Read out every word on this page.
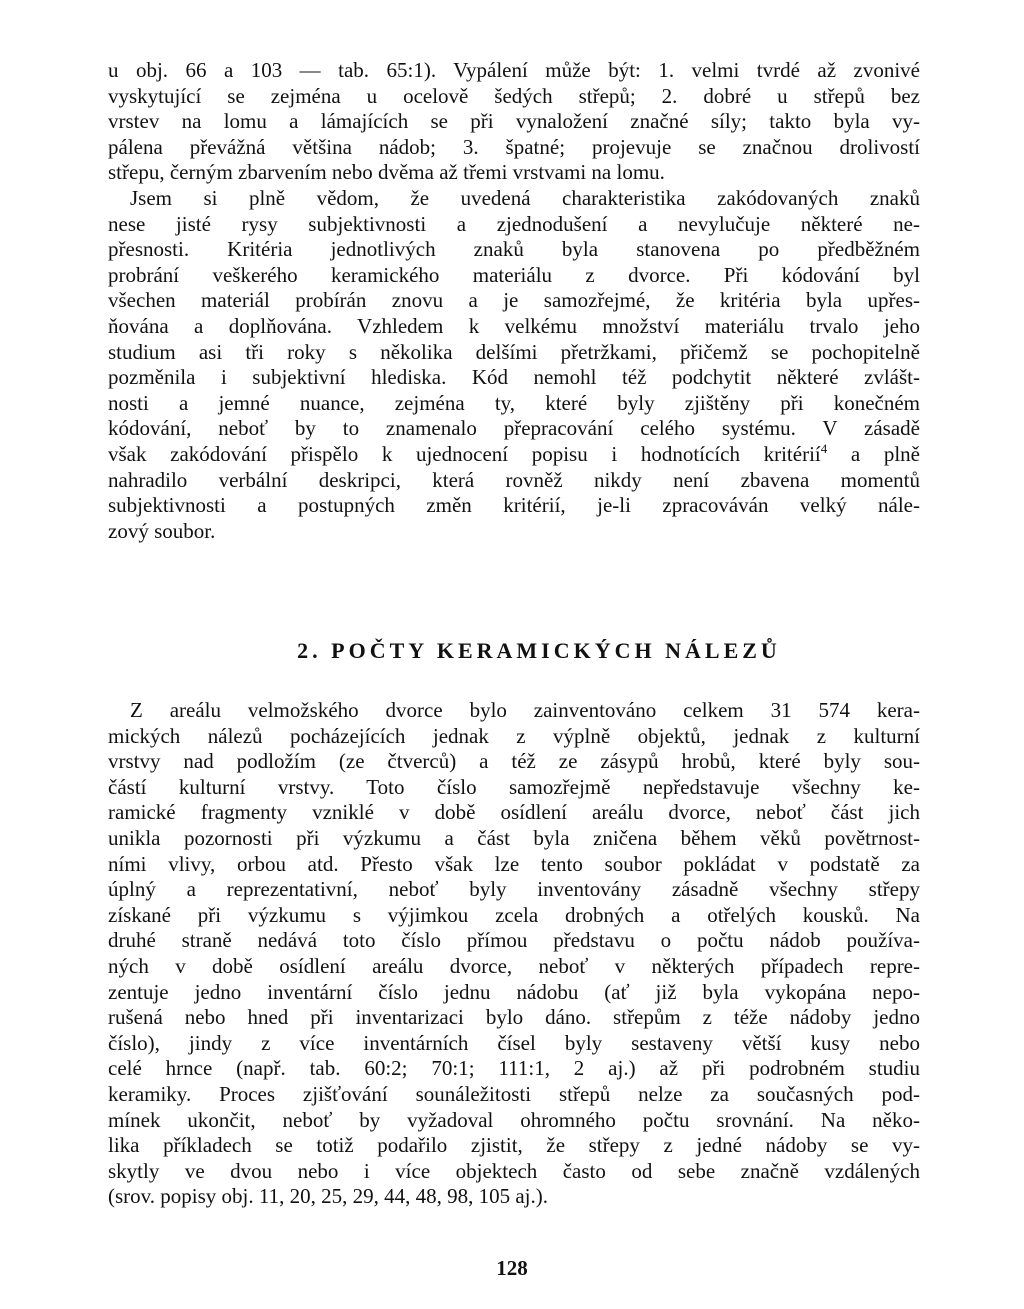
u obj. 66 a 103 — tab. 65:1). Vypálení může být: 1. velmi tvrdé až zvonivé
vyskytující se zejména u ocelově šedých střepů; 2. dobré u střepů bez
vrstev na lomu a lámajících se při vynaložení značné síly; takto byla vy-
pálena převážná většina nádob; 3. špatné; projevuje se značnou drolivostí
střepu, černým zbarvením nebo dvěma až třemi vrstvami na lomu.
Jsem si plně vědom, že uvedená charakteristika zakódovaných znaků
nese jisté rysy subjektivnosti a zjednodušení a nevylučuje některé ne-
přesnosti. Kritéria jednotlivých znaků byla stanovena po předběžném
probrání veškerého keramického materiálu z dvorce. Při kódování byl
všechen materiál probírán znovu a je samozřejmé, že kritéria byla upřes-
ňována a doplňována. Vzhledem k velkému množství materiálu trvalo jeho
studium asi tři roky s několika delšími přetržkami, přičemž se pochopitelně
pozměnila i subjektivní hlediska. Kód nemohl též podchytit některé zvlášt-
nosti a jemné nuance, zejména ty, které byly zjištěny při konečném
kódování, neboť by to znamenalo přepracování celého systému. V zásadě
však zakódování přispělo k ujednocení popisu i hodnotících kritérií$^4$ a plně
nahradilo verbální deskripci, která rovněž nikdy není zbavena momentů
subjektivnosti a postupných změn kritérií, je-li zpracováván velký nále-
zový soubor.
2. POČTY KERAMICKÝCH NÁLEZŮ
Z areálu velmožského dvorce bylo zainventováno celkem 31 574 kera-
mických nálezů pocházejících jednak z výplně objektů, jednak z kulturní
vrstvy nad podložím (ze čtverců) a též ze zásypů hrobů, které byly sou-
částí kulturní vrstvy. Toto číslo samozřejmě nepředstavuje všechny ke-
ramické fragmenty vzniklé v době osídlení areálu dvorce, neboť část jich
unikla pozornosti při výzkumu a část byla zničena během věků povětrnost-
ními vlivy, orbou atd. Přesto však lze tento soubor pokládat v podstatě za
úplný a reprezentativní, neboť byly inventovány zásadně všechny střepy
získané při výzkumu s výjimkou zcela drobných a otřelých kousků. Na
druhé straně nedává toto číslo přímou představu o počtu nádob používa-
ných v době osídlení areálu dvorce, neboť v některých případech repre-
zentuje jedno inventární číslo jednu nádobu (ať již byla vykopána nepo-
rušená nebo hned při inventarizaci bylo dáno. střepům z téže nádoby jedno
číslo), jindy z více inventárních čísel byly sestaveny větší kusy nebo
celé hrnce (např. tab. 60:2; 70:1; 111:1, 2 aj.) až při podrobném studiu
keramiky. Proces zjišťování sounáležitosti střepů nelze za současných pod-
mínek ukončit, neboť by vyžadoval ohromného počtu srovnání. Na něko-
lika příkladech se totiž podařilo zjistit, že střepy z jedné nádoby se vy-
skytly ve dvou nebo i více objektech často od sebe značně vzdálených
(srov. popisy obj. 11, 20, 25, 29, 44, 48, 98, 105 aj.).
128
